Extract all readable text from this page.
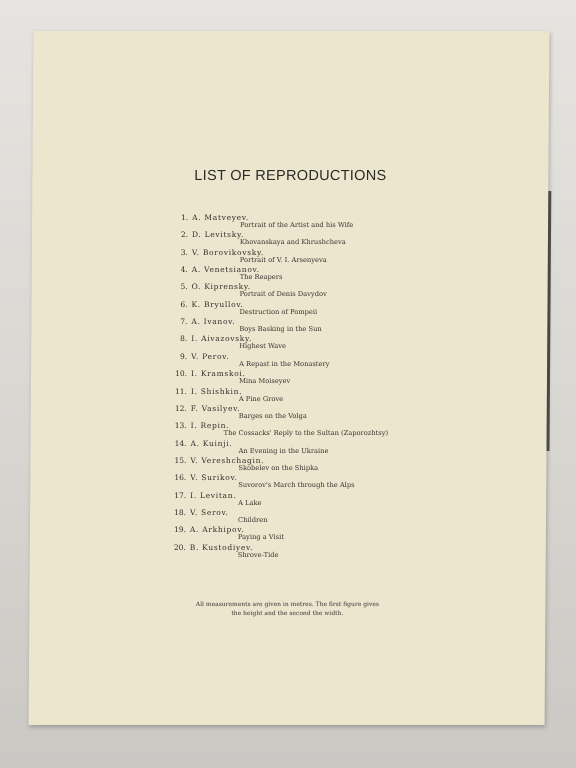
LIST OF REPRODUCTIONS
1. A. Matveyev.
Portrait of the Artist and his Wife
2. D. Levitsky.
Khovanskaya and Khrushcheva
3. V. Borovikovsky.
Portrait of V. I. Arsenyeva
4. A. Venetsianov.
The Reapers
5. O. Kiprensky.
Portrait of Denis Davydov
6. K. Bryullov.
Destruction of Pompeii
7. A. Ivanov.
Boys Basking in the Sun
8. I. Aivazovsky.
Highest Wave
9. V. Perov.
A Repast in the Monastery
10. I. Kramskoi.
Mina Moiseyev
11. I. Shishkin.
A Pine Grove
12. F. Vasilyev.
Barges on the Volga
13. I. Repin.
The Cossacks' Reply to the Sultan (Zaporozhtsy)
14. A. Kuinji.
An Evening in the Ukraine
15. V. Vereshchagin.
Skobelev on the Shipka
16. V. Surikov.
Suvorov's March through the Alps
17. I. Levitan.
A Lake
18. V. Serov.
Children
19. A. Arkhipov.
Paying a Visit
20. B. Kustodiyev.
Shrove-Tide
All measurements are given in metres. The first figure gives
the height and the second the width.
